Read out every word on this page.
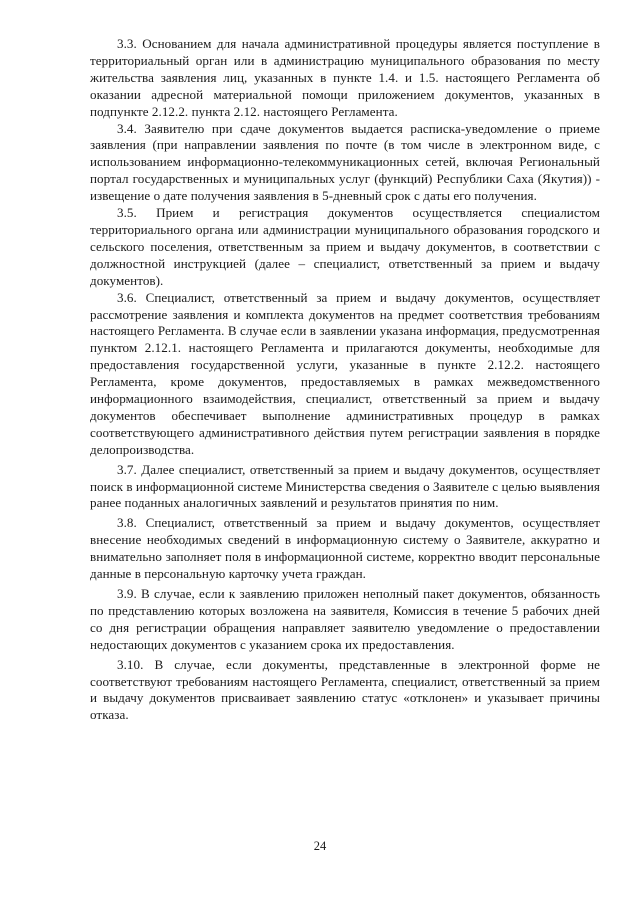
3.3. Основанием для начала административной процедуры является поступление в территориальный орган или в администрацию муниципального образования по месту жительства заявления лиц, указанных в пункте 1.4. и 1.5. настоящего Регламента об оказании адресной материальной помощи приложением документов, указанных в подпункте 2.12.2. пункта 2.12. настоящего Регламента.

3.4. Заявителю при сдаче документов выдается расписка-уведомление о приеме заявления (при направлении заявления по почте (в том числе в электронном виде, с использованием информационно-телекоммуникационных сетей, включая Региональный портал государственных и муниципальных услуг (функций) Республики Саха (Якутия)) - извещение о дате получения заявления в 5-дневный срок с даты его получения.

3.5. Прием и регистрация документов осуществляется специалистом территориального органа или администрации муниципального образования городского и сельского поселения, ответственным за прием и выдачу документов, в соответствии с должностной инструкцией (далее – специалист, ответственный за прием и выдачу документов).

3.6. Специалист, ответственный за прием и выдачу документов, осуществляет рассмотрение заявления и комплекта документов на предмет соответствия требованиям настоящего Регламента. В случае если в заявлении указана информация, предусмотренная пунктом 2.12.1. настоящего Регламента и прилагаются документы, необходимые для предоставления государственной услуги, указанные в пункте 2.12.2. настоящего Регламента, кроме документов, предоставляемых в рамках межведомственного информационного взаимодействия, специалист, ответственный за прием и выдачу документов обеспечивает выполнение административных процедур в рамках соответствующего административного действия путем регистрации заявления в порядке делопроизводства.

3.7. Далее специалист, ответственный за прием и выдачу документов, осуществляет поиск в информационной системе Министерства сведения о Заявителе с целью выявления ранее поданных аналогичных заявлений и результатов принятия по ним.

3.8. Специалист, ответственный за прием и выдачу документов, осуществляет внесение необходимых сведений в информационную систему о Заявителе, аккуратно и внимательно заполняет поля в информационной системе, корректно вводит персональные данные в персональную карточку учета граждан.

3.9. В случае, если к заявлению приложен неполный пакет документов, обязанность по представлению которых возложена на заявителя, Комиссия в течение 5 рабочих дней со дня регистрации обращения направляет заявителю уведомление о предоставлении недостающих документов с указанием срока их предоставления.

3.10. В случае, если документы, представленные в электронной форме не соответствуют требованиям настоящего Регламента, специалист, ответственный за прием и выдачу документов присваивает заявлению статус «отклонен» и указывает причины отказа.

24
